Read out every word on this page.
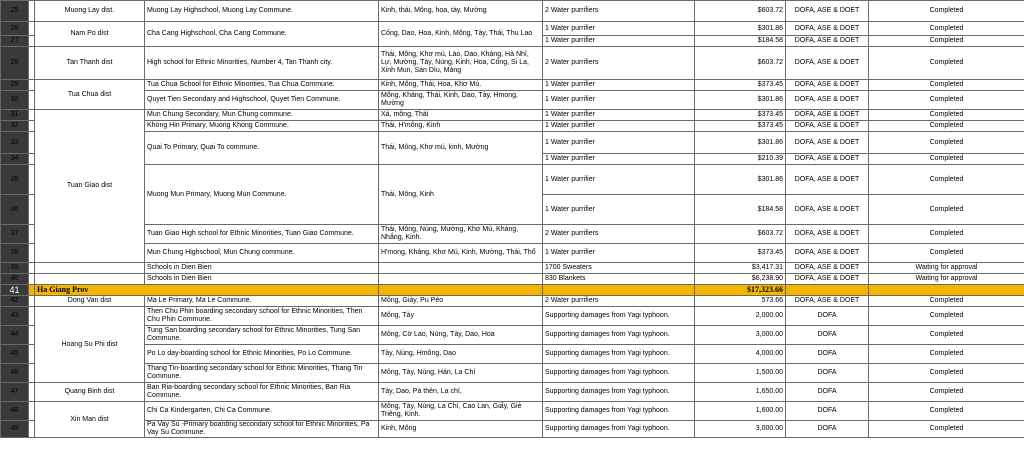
25		Muong Lay dist.	Muong Lay Highschool, Muong Lay Commune.	Kinh, thái, Mông, hoa, tày, Mường	2 Water purrifiers	$603.72	DOFA, ASE & DOET	Completed
26		Nam Po dist	Cha Cang Highschool, Cha Cang Commune.	Cống, Dao, Hoa, Kinh, Mông, Tày, Thái, Thu Lao	1 Water purrifier	$301.86	DOFA, ASE & DOET	Completed
27					1 Water purrifier	$184.58	DOFA, ASE & DOET	Completed
28		Tan Thanh dist	High school for Ethnic Minorities, Number 4, Tan Thanh city.	Thái, Mông, Khơ mú, Lào, Dao, Kháng, Hà Nhì, Lự, Mường, Tày, Nùng, Kinh, Hoa, Cống, Si La, Xinh Mun, Sán Dìu, Mảng	2 Water purrifiers	$603.72	DOFA, ASE & DOET	Completed
29		Tua Chua dist	Tua Chua School for Ethnic Minorities, Tua Chua Commune.	Kinh, Mông, Thái, Hoa, Khơ Mú.	1 Water purrifier	$373.45	DOFA, ASE & DOET	Completed
30			Quyet Tien Secondary and Highschool, Quyet Tien Commune.	Mông, Kháng, Thái, Kinh, Dao, Tày, Hmong, Mường	1 Water purrifier	$301.86	DOFA, ASE & DOET	Completed
31		Tuan Giao dist	Mun Chung Secondary, Mun Chung commune.	Xá, mông, Thái	1 Water purrifier	$373.45	DOFA, ASE & DOET	Completed
32			Khong Hin Primary, Muong Khong Commune.	Thái, H'mông, Kinh	1 Water purrifier	$373.45	DOFA, ASE & DOET	Completed
33			Quai To Primary, Quai To commune.	Thái, Mông, Khơ mú, kinh, Mường	1 Water purrifier	$301.86	DOFA, ASE & DOET	Completed
34					1 Water purrifier	$210.39	DOFA, ASE & DOET	Completed
35			Muong Mun Primary, Muong Mun Commune.	Thái, Mông, Kinh	1 Water purrifier	$301.86	DOFA, ASE & DOET	Completed
36					1 Water purrifier	$184.58	DOFA, ASE & DOET	Completed
37			Tuan Giao High school for Ethnic Minorities, Tuan Giao Commune.	Thái, Mông, Nùng, Mường, Khơ Mú, Kháng, Nhắng, Kinh.	2 Water purrifiers	$603.72	DOFA, ASE & DOET	Completed
38			Mun Chung Highschool, Mun Chung commune.	H'mong, Kháng, Khơ Mú, Kinh, Mường, Thái, Thổ	1 Water purrifier	$373.45	DOFA, ASE & DOET	Completed
39			Schools in Dien Bien		1700 Sweaters	$3,417.31	DOFA, ASE & DOET	Waiting for approval
40			Schools in Dien Bien		830 Blankets	$6,238.90	DOFA, ASE & DOET	Waiting for approval
41		Ha Giang Prov				$17,323.66		
42		Dong Van dist	Ma Le Primary, Ma Le Commune.	Mông, Giáy, Pu Péo	2 Water purrifiers	573.66	DOFA, ASE & DOET	Completed
43		Hoang Su Phi dist	Then Chu Phin boarding secondary school for Ethnic Minorities, Then Chu Phin Commune.	Mông, Tày	Supporting damages from Yagi typhoon.	2,000.00	DOFA	Completed
44			Tung San boarding secondary school for Ethnic Minorities, Tung San Commune.	Mông, Cờ Lao, Nùng, Tày, Dao, Hoa	Supporting damages from Yagi typhoon.	3,000.00	DOFA	Completed
45			Po Lo day-boarding school for Ethnic Minorities, Po Lo Commune.	Tày, Nùng, Hmông, Dao	Supporting damages from Yagi typhoon.	4,000.00	DOFA	Completed
46			Thang Tin-boarding secondary school for Ethnic Minorities, Thang Tin Commune.	Mông, Tày, Nùng, Hán, La Chí	Supporting damages from Yagi typhoon.	1,500.00	DOFA	Completed
47		Quang Binh dist	Ban Ria-boarding secondary school for Ethnic Minorities, Ban Ria Commune.	Tày, Dao, Pà thẻn, La chí,	Supporting damages from Yagi typhoon.	1,650.00	DOFA	Completed
48		Xin Man dist	Chi Ca Kindergarten, Chi Ca Commune.	Mông, Tày, Nùng, La Chí, Cao Lan, Giấy, Giẻ Triêng, Kinh.	Supporting damages from Yagi typhoon.	1,600.00	DOFA	Completed
49			Pa Vay Su -Primary boarding secondary school for Ethnic Minorities, Pa Vay Su Commune.	Kinh, Mông	Supporting damages from Yagi typhoon.	3,000.00	DOFA	Completed
